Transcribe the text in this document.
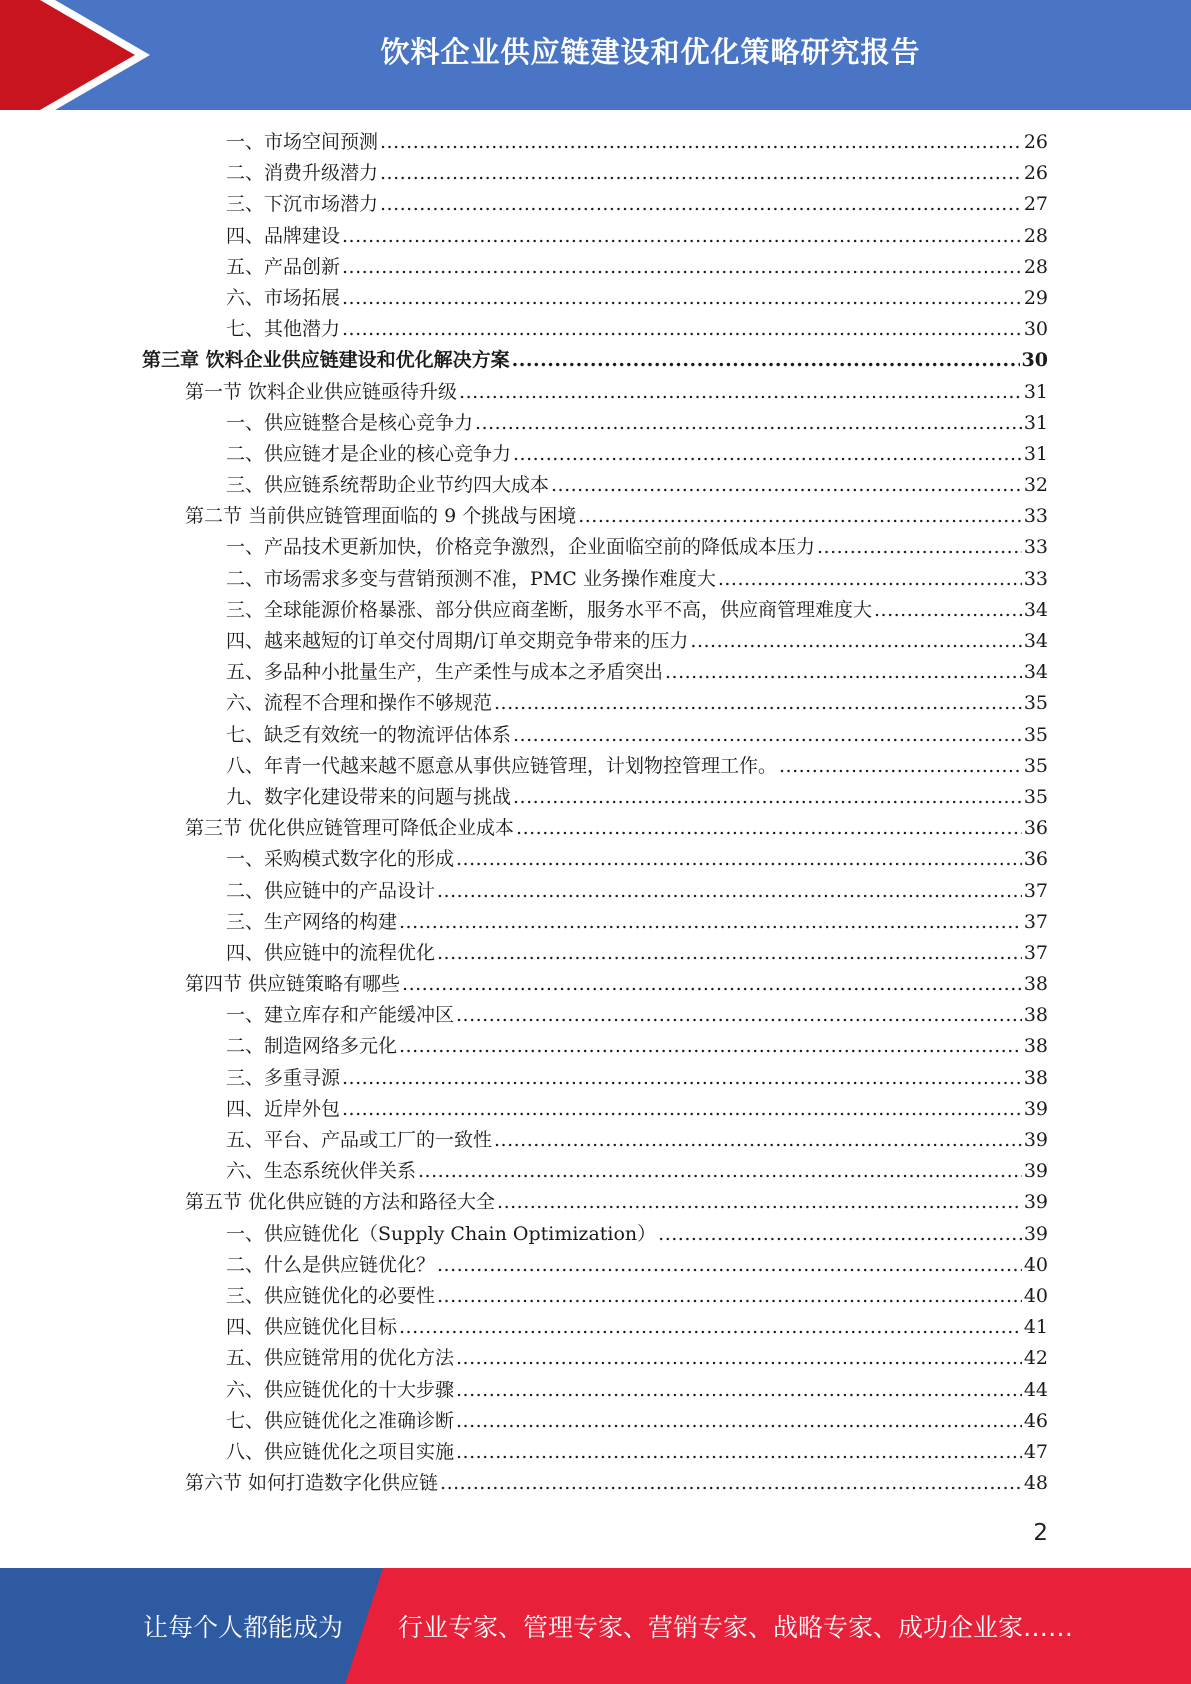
饮料企业供应链建设和优化策略研究报告
一、市场空间预测 .....	26
二、消费升级潜力 .....	26
三、下沉市场潜力 .....	27
四、品牌建设 .....	28
五、产品创新 .....	28
六、市场拓展 .....	29
七、其他潜力 .....	30
第三章 饮料企业供应链建设和优化解决方案 .....	30
第一节 饮料企业供应链亟待升级 .....	31
一、供应链整合是核心竞争力 .....	31
二、供应链才是企业的核心竞争力 .....	31
三、供应链系统帮助企业节约四大成本 .....	32
第二节 当前供应链管理面临的 9 个挑战与困境 .....	33
一、产品技术更新加快，价格竞争激烈，企业面临空前的降低成本压力 .....	33
二、市场需求多变与营销预测不准，PMC 业务操作难度大 .....	33
三、全球能源价格暴涨、部分供应商垄断，服务水平不高，供应商管理难度大 .....	34
四、越来越短的订单交付周期/订单交期竞争带来的压力 .....	34
五、多品种小批量生产，生产柔性与成本之矛盾突出 .....	34
六、流程不合理和操作不够规范 .....	35
七、缺乏有效统一的物流评估体系 .....	35
八、年青一代越来越不愿意从事供应链管理，计划物控管理工作。 .....	35
九、数字化建设带来的问题与挑战 .....	35
第三节 优化供应链管理可降低企业成本 .....	36
一、采购模式数字化的形成 .....	36
二、供应链中的产品设计 .....	37
三、生产网络的构建 .....	37
四、供应链中的流程优化 .....	37
第四节 供应链策略有哪些 .....	38
一、建立库存和产能缓冲区 .....	38
二、制造网络多元化 .....	38
三、多重寻源 .....	38
四、近岸外包 .....	39
五、平台、产品或工厂的一致性 .....	39
六、生态系统伙伴关系 .....	39
第五节 优化供应链的方法和路径大全 .....	39
一、供应链优化（Supply Chain Optimization） .....	39
二、什么是供应链优化？ .....	40
三、供应链优化的必要性 .....	40
四、供应链优化目标 .....	41
五、供应链常用的优化方法 .....	42
六、供应链优化的十大步骤 .....	44
七、供应链优化之准确诊断 .....	46
八、供应链优化之项目实施 .....	47
第六节 如何打造数字化供应链 .....	48
2
让每个人都能成为 行业专家、管理专家、营销专家、战略专家、成功企业家……
